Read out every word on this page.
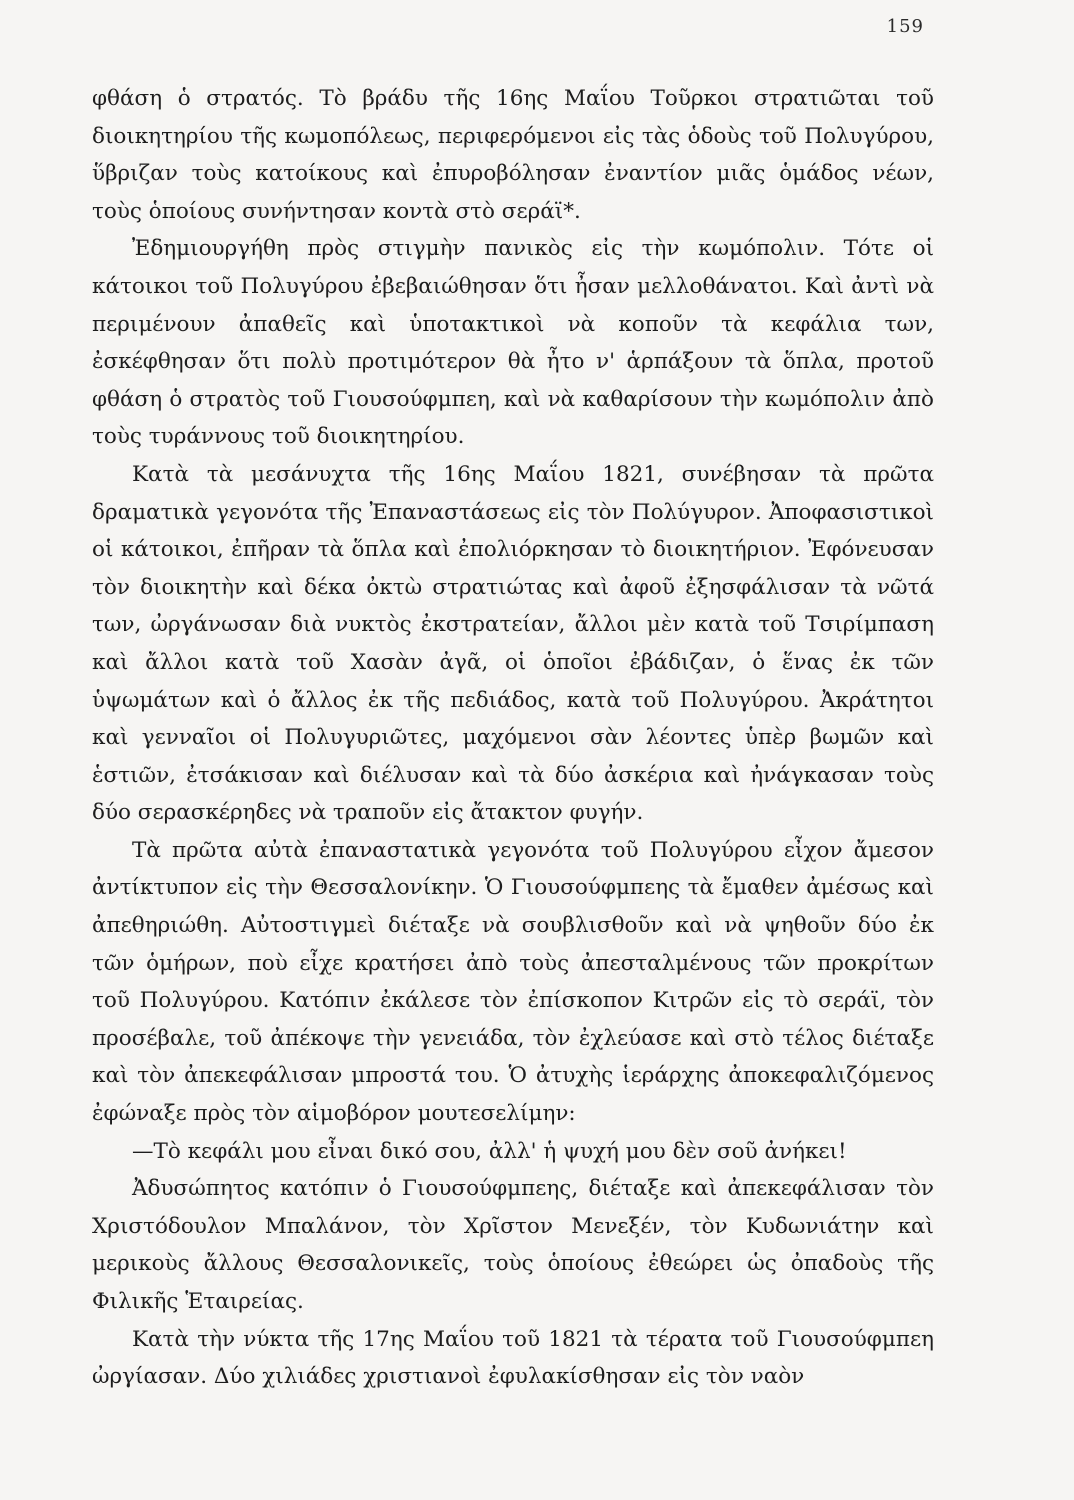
159

φθάση ὁ στρατός. Τὸ βράδυ τῆς 16ης Μαΐου Τοῦρκοι στρατιῶται τοῦ διοικητηρίου τῆς κωμοπόλεως, περιφερόμενοι εἰς τὰς ὁδοὺς τοῦ Πολυγύρου, ὕβριζαν τοὺς κατοίκους καὶ ἐπυροβόλησαν ἐναντίον μιᾶς ὁμάδος νέων, τοὺς ὁποίους συνήντησαν κοντὰ στὸ σεράϊ*.

Ἐδημιουργήθη πρὸς στιγμὴν πανικὸς εἰς τὴν κωμόπολιν. Τότε οἱ κάτοικοι τοῦ Πολυγύρου ἐβεβαιώθησαν ὅτι ἦσαν μελλοθάνατοι. Καὶ ἀντὶ νὰ περιμένουν ἀπαθεῖς καὶ ὑποτακτικοὶ νὰ κοποῦν τὰ κεφάλια των, ἐσκέφθησαν ὅτι πολὺ προτιμότερον θὰ ἦτο ν' ἁρπάξουν τὰ ὅπλα, προτοῦ φθάση ὁ στρατὸς τοῦ Γιουσούφμπεη, καὶ νὰ καθαρίσουν τὴν κωμόπολιν ἀπὸ τοὺς τυράννους τοῦ διοικητηρίου.

Κατὰ τὰ μεσάνυχτα τῆς 16ης Μαΐου 1821, συνέβησαν τὰ πρῶτα δραματικὰ γεγονότα τῆς Ἐπαναστάσεως εἰς τὸν Πολύγυρον. Ἀποφασιστικοὶ οἱ κάτοικοι, ἐπῆραν τὰ ὅπλα καὶ ἐπολιόρκησαν τὸ διοικητήριον. Ἐφόνευσαν τὸν διοικητὴν καὶ δέκα ὀκτὼ στρατιώτας καὶ ἀφοῦ ἐξησφάλισαν τὰ νῶτά των, ὠργάνωσαν διὰ νυκτὸς ἐκστρατείαν, ἄλλοι μὲν κατὰ τοῦ Τσιρίμπαση καὶ ἄλλοι κατὰ τοῦ Χασὰν ἀγᾶ, οἱ ὁποῖοι ἐβάδιζαν, ὁ ἕνας ἐκ τῶν ὑψωμάτων καὶ ὁ ἄλλος ἐκ τῆς πεδιάδος, κατὰ τοῦ Πολυγύρου. Ἀκράτητοι καὶ γενναῖοι οἱ Πολυγυριῶτες, μαχόμενοι σὰν λέοντες ὑπὲρ βωμῶν καὶ ἑστιῶν, ἐτσάκισαν καὶ διέλυσαν καὶ τὰ δύο ἀσκέρια καὶ ἠνάγκασαν τοὺς δύο σερασκέρηδες νὰ τραποῦν εἰς ἄτακτον φυγήν.

Τὰ πρῶτα αὐτὰ ἐπαναστατικὰ γεγονότα τοῦ Πολυγύρου εἶχον ἄμεσον ἀντίκτυπον εἰς τὴν Θεσσαλονίκην. Ὁ Γιουσούφμπεης τὰ ἔμαθεν ἀμέσως καὶ ἀπεθηριώθη. Αὐτοστιγμεὶ διέταξε νὰ σουβλισθοῦν καὶ νὰ ψηθοῦν δύο ἐκ τῶν ὁμήρων, ποὺ εἶχε κρατήσει ἀπὸ τοὺς ἀπεσταλμένους τῶν προκρίτων τοῦ Πολυγύρου. Κατόπιν ἐκάλεσε τὸν ἐπίσκοπον Κιτρῶν εἰς τὸ σεράϊ, τὸν προσέβαλε, τοῦ ἀπέκοψε τὴν γενειάδα, τὸν ἐχλεύασε καὶ στὸ τέλος διέταξε καὶ τὸν ἀπεκεφάλισαν μπροστά του. Ὁ ἀτυχὴς ἱεράρχης ἀποκεφαλιζόμενος ἐφώναξε πρὸς τὸν αἱμοβόρον μουτεσελίμην:

—Τὸ κεφάλι μου εἶναι δικό σου, ἀλλ' ἡ ψυχή μου δὲν σοῦ ἀνήκει!

Ἀδυσώπητος κατόπιν ὁ Γιουσούφμπεης, διέταξε καὶ ἀπεκεφάλισαν τὸν Χριστόδουλον Μπαλάνον, τὸν Χρῖστον Μενεξέν, τὸν Κυδωνιάτην καὶ μερικοὺς ἄλλους Θεσσαλονικεῖς, τοὺς ὁποίους ἐθεώρει ὡς ὀπαδοὺς τῆς Φιλικῆς Ἑταιρείας.

Κατὰ τὴν νύκτα τῆς 17ης Μαΐου τοῦ 1821 τὰ τέρατα τοῦ Γιουσούφμπεη ὠργίασαν. Δύο χιλιάδες χριστιανοὶ ἐφυλακίσθησαν εἰς τὸν ναὸν
